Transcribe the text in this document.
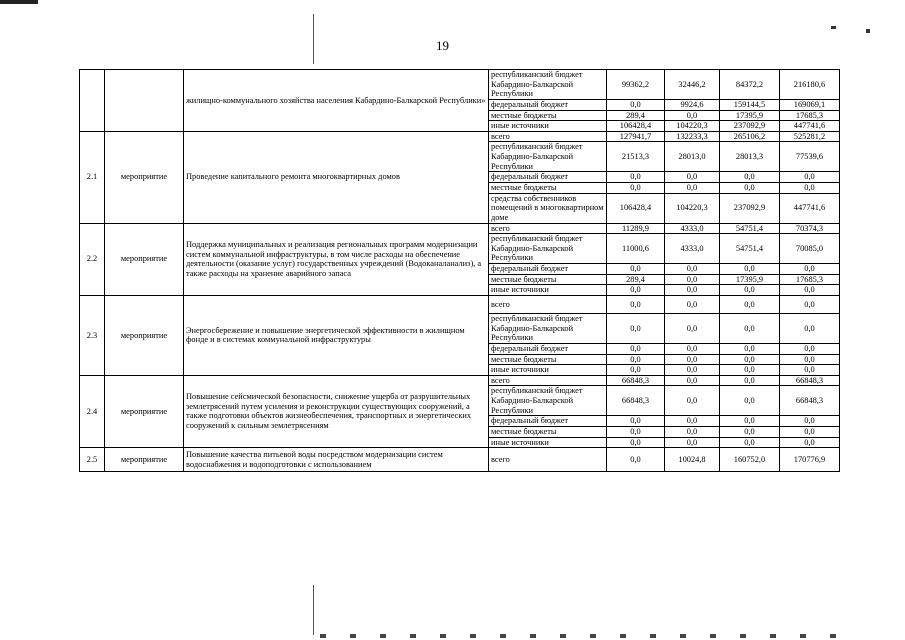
19
		жилищно-коммунального хозяйства населения Кабардино-Балкарской Республики»	республиканский бюджет Кабардино-Балкарской Республики	99362,2	32446,2	84372,2	216180,6
			федеральный бюджет	0,0	9924,6	159144,5	169069,1
			местные бюджеты	289,4	0,0	17395,9	17685,3
			иные источники	106428,4	104220,3	237092,9	447741,6
2.1	мероприятие	Проведение капитального ремонта многоквартирных домов	всего	127941,7	132233,3	265106,2	525281,2
			республиканский бюджет Кабардино-Балкарской Республики	21513,3	28013,0	28013,3	77539,6
			федеральный бюджет	0,0	0,0	0,0	0,0
			местные бюджеты	0,0	0,0	0,0	0,0
			средства собственников помещений в многоквартирном доме	106428,4	104220,3	237092,9	447741,6
2.2	мероприятие	Поддержка муниципальных и реализация региональных программ модернизации систем коммунальной инфраструктуры, в том числе расходы на обеспечение деятельности (оказание услуг) государственных учреждений (Водоканаланализ), а также расходы на хранение аварийного запаса	всего	11289,9	4333,0	54751,4	70374,3
			республиканский бюджет Кабардино-Балкарской Республики	11000,6	4333,0	54751,4	70085,0
			федеральный бюджет	0,0	0,0	0,0	0,0
			местные бюджеты	289,4	0,0	17395,9	17685,3
			иные источники	0,0	0,0	0,0	0,0
2.3	мероприятие	Энергосбережение и повышение энергетической эффективности в жилищном фонде и в системах коммунальной инфраструктуры	всего	0,0	0,0	0,0	0,0
			республиканский бюджет Кабардино-Балкарской Республики	0,0	0,0	0,0	0,0
			федеральный бюджет	0,0	0,0	0,0	0,0
			местные бюджеты	0,0	0,0	0,0	0,0
			иные источники	0,0	0,0	0,0	0,0
2.4	мероприятие	Повышение сейсмической безопасности, снижение ущерба от разрушительных землетрясений путем усиления и реконструкции существующих сооружений, а также подготовки объектов жизнеобеспечения, транспортных и энергетических сооружений к сильным землетрясениям	всего	66848,3	0,0	0,0	66848,3
			республиканский бюджет Кабардино-Балкарской Республики	66848,3	0,0	0,0	66848,3
			федеральный бюджет	0,0	0,0	0,0	0,0
			местные бюджеты	0,0	0,0	0,0	0,0
			иные источники	0,0	0,0	0,0	0,0
2.5	мероприятие	Повышение качества питьевой воды посредством модернизации систем водоснабжения и водоподготовки с использованием	всего	0,0	10024,8	160752,0	170776,9
